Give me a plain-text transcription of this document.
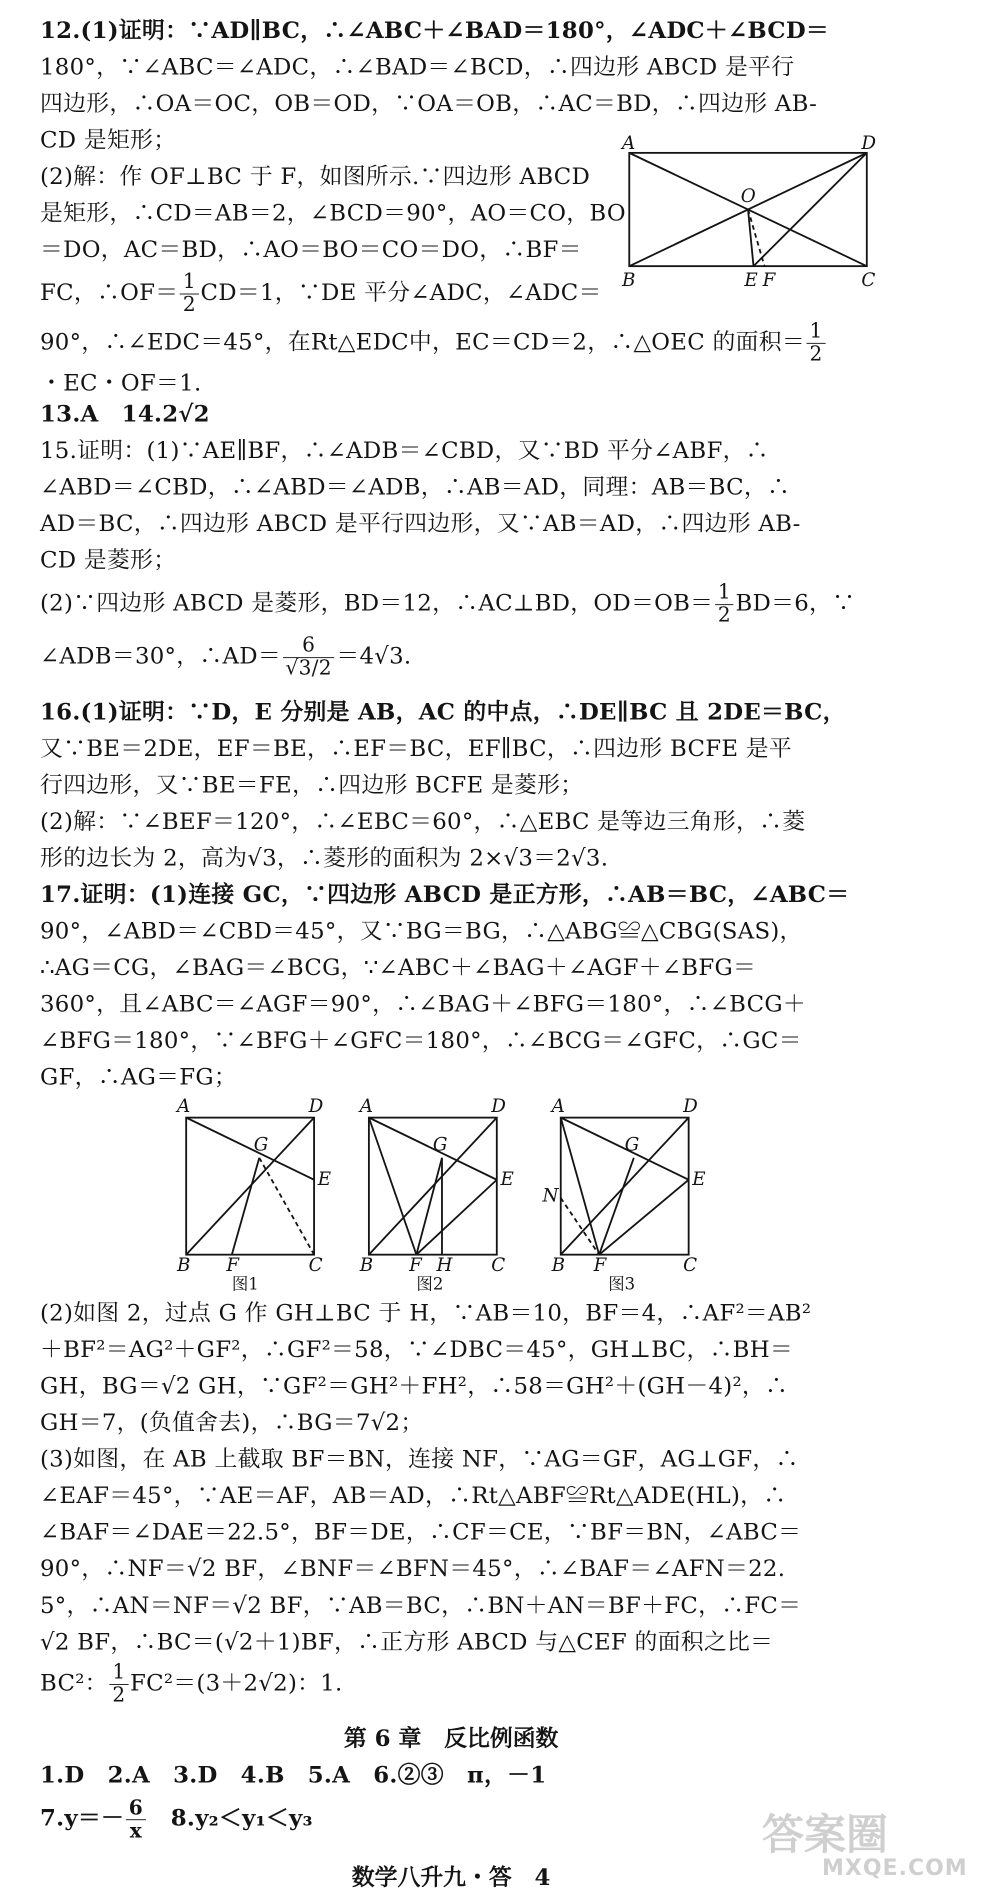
12.(1)证明：∵AD∥BC，∴∠ABC＋∠BAD＝180°，∠ADC＋∠BCD＝
180°，∵∠ABC＝∠ADC，∴∠BAD＝∠BCD，∴四边形 ABCD 是平行
四边形，∴OA＝OC，OB＝OD，∵OA＝OB，∴AC＝BD，∴四边形 AB-
CD 是矩形；
(2)解：作 OF⊥BC 于 F，如图所示.∵四边形 ABCD
是矩形，∴CD＝AB＝2，∠BCD＝90°，AO＝CO，BO
＝DO，AC＝BD，∴AO＝BO＝CO＝DO，∴BF＝
FC，∴OF＝ $\frac{1}{2} CD=1$，∵DE 平分∠ADC，∠ADC＝
90°，∴∠EDC＝45°，在Rt△EDC中，EC＝CD＝2，∴△OEC 的面积＝ $\frac{1}{2}$
・EC・OF＝1.
A	D
O
B	E F	C
13.A　14.2√2
15.证明：(1)∵AE∥BF，∴∠ADB＝∠CBD，又∵BD 平分∠ABF，∴
∠ABD＝∠CBD，∴∠ABD＝∠ADB，∴AB＝AD，同理：AB＝BC，∴
AD＝BC，∴四边形 ABCD 是平行四边形，又∵AB＝AD，∴四边形 AB-
CD 是菱形；
(2)∵四边形 ABCD 是菱形，BD＝12，∴AC⊥BD，$OD=OB= \frac{1}{2} BD=6$，∵
∠ADB＝30°，∴AD＝ $\frac{6}{√3/2} =4√3$.
16.(1)证明：∵D，E 分别是 AB，AC 的中点，∴DE∥BC 且 2DE＝BC，
又∵BE＝2DE，EF＝BE，∴EF＝BC，EF∥BC，∴四边形 BCFE 是平
行四边形，又∵BE＝FE，∴四边形 BCFE 是菱形；
(2)解：∵∠BEF＝120°，∴∠EBC＝60°，∴△EBC 是等边三角形，∴菱
形的边长为 2，高为√3，∴菱形的面积为 2×√3＝2√3.
17.证明：(1)连接 GC，∵四边形 ABCD 是正方形，∴AB＝BC，∠ABC＝
90°，∠ABD＝∠CBD＝45°，又∵BG＝BG，∴△ABG≌△CBG(SAS)，
∴AG＝CG，∠BAG＝∠BCG，∵∠ABC＋∠BAG＋∠AGF＋∠BFG＝
360°，且∠ABC＝∠AGF＝90°，∴∠BAG＋∠BFG＝180°，∴∠BCG＋
∠BFG＝180°，∵∠BFG＋∠GFC＝180°，∴∠BCG＝∠GFC，∴GC＝
GF，∴AG＝FG；
A	D
G
E
B F	C
图1
A	D
G
E
B F H C
图2
A	D
G
E
N
B F	C
图3
(2)如图 2，过点 G 作 GH⊥BC 于 H，∵AB＝10，BF＝4，∴AF²＝AB²
＋BF²＝AG²＋GF²，∴GF²＝58，∵∠DBC＝45°，GH⊥BC，∴BH＝
GH，BG＝√2 GH，∵GF²＝GH²＋FH²，∴58＝GH²＋(GH－4)²，∴
GH＝7，(负值舍去)，∴BG＝7√2；
第 6 章　反比例函数
1.D　2.A　3.D　4.B　5.A　6.②③　π，－1
$7.y=- \frac{6}{x}$ 　8.y₂＜y₁＜y₃
数学八升九・答　4
(3)如图，在 AB 上截取 BF＝BN，连接 NF，∵AG＝GF，AG⊥GF，∴
∠EAF＝45°，∵AE＝AF，AB＝AD，∴Rt△ABF≌Rt△ADE(HL)，∴
∠BAF＝∠DAE＝22.5°，BF＝DE，∴CF＝CE，∵BF＝BN，∠ABC＝
90°，∴NF＝√2 BF，∠BNF＝∠BFN＝45°，∴∠BAF＝∠AFN＝22.
5°，∴AN＝NF＝√2 BF，∵AB＝BC，∴BN＋AN＝BF＋FC，∴FC＝
√2 BF，∴BC＝(√2＋1)BF，∴正方形 ABCD 与△CEF 的面积之比＝
BC²： $\frac{1}{2} FC^2=(3+2√2)$：1.
答案圈
MXQE.COM
